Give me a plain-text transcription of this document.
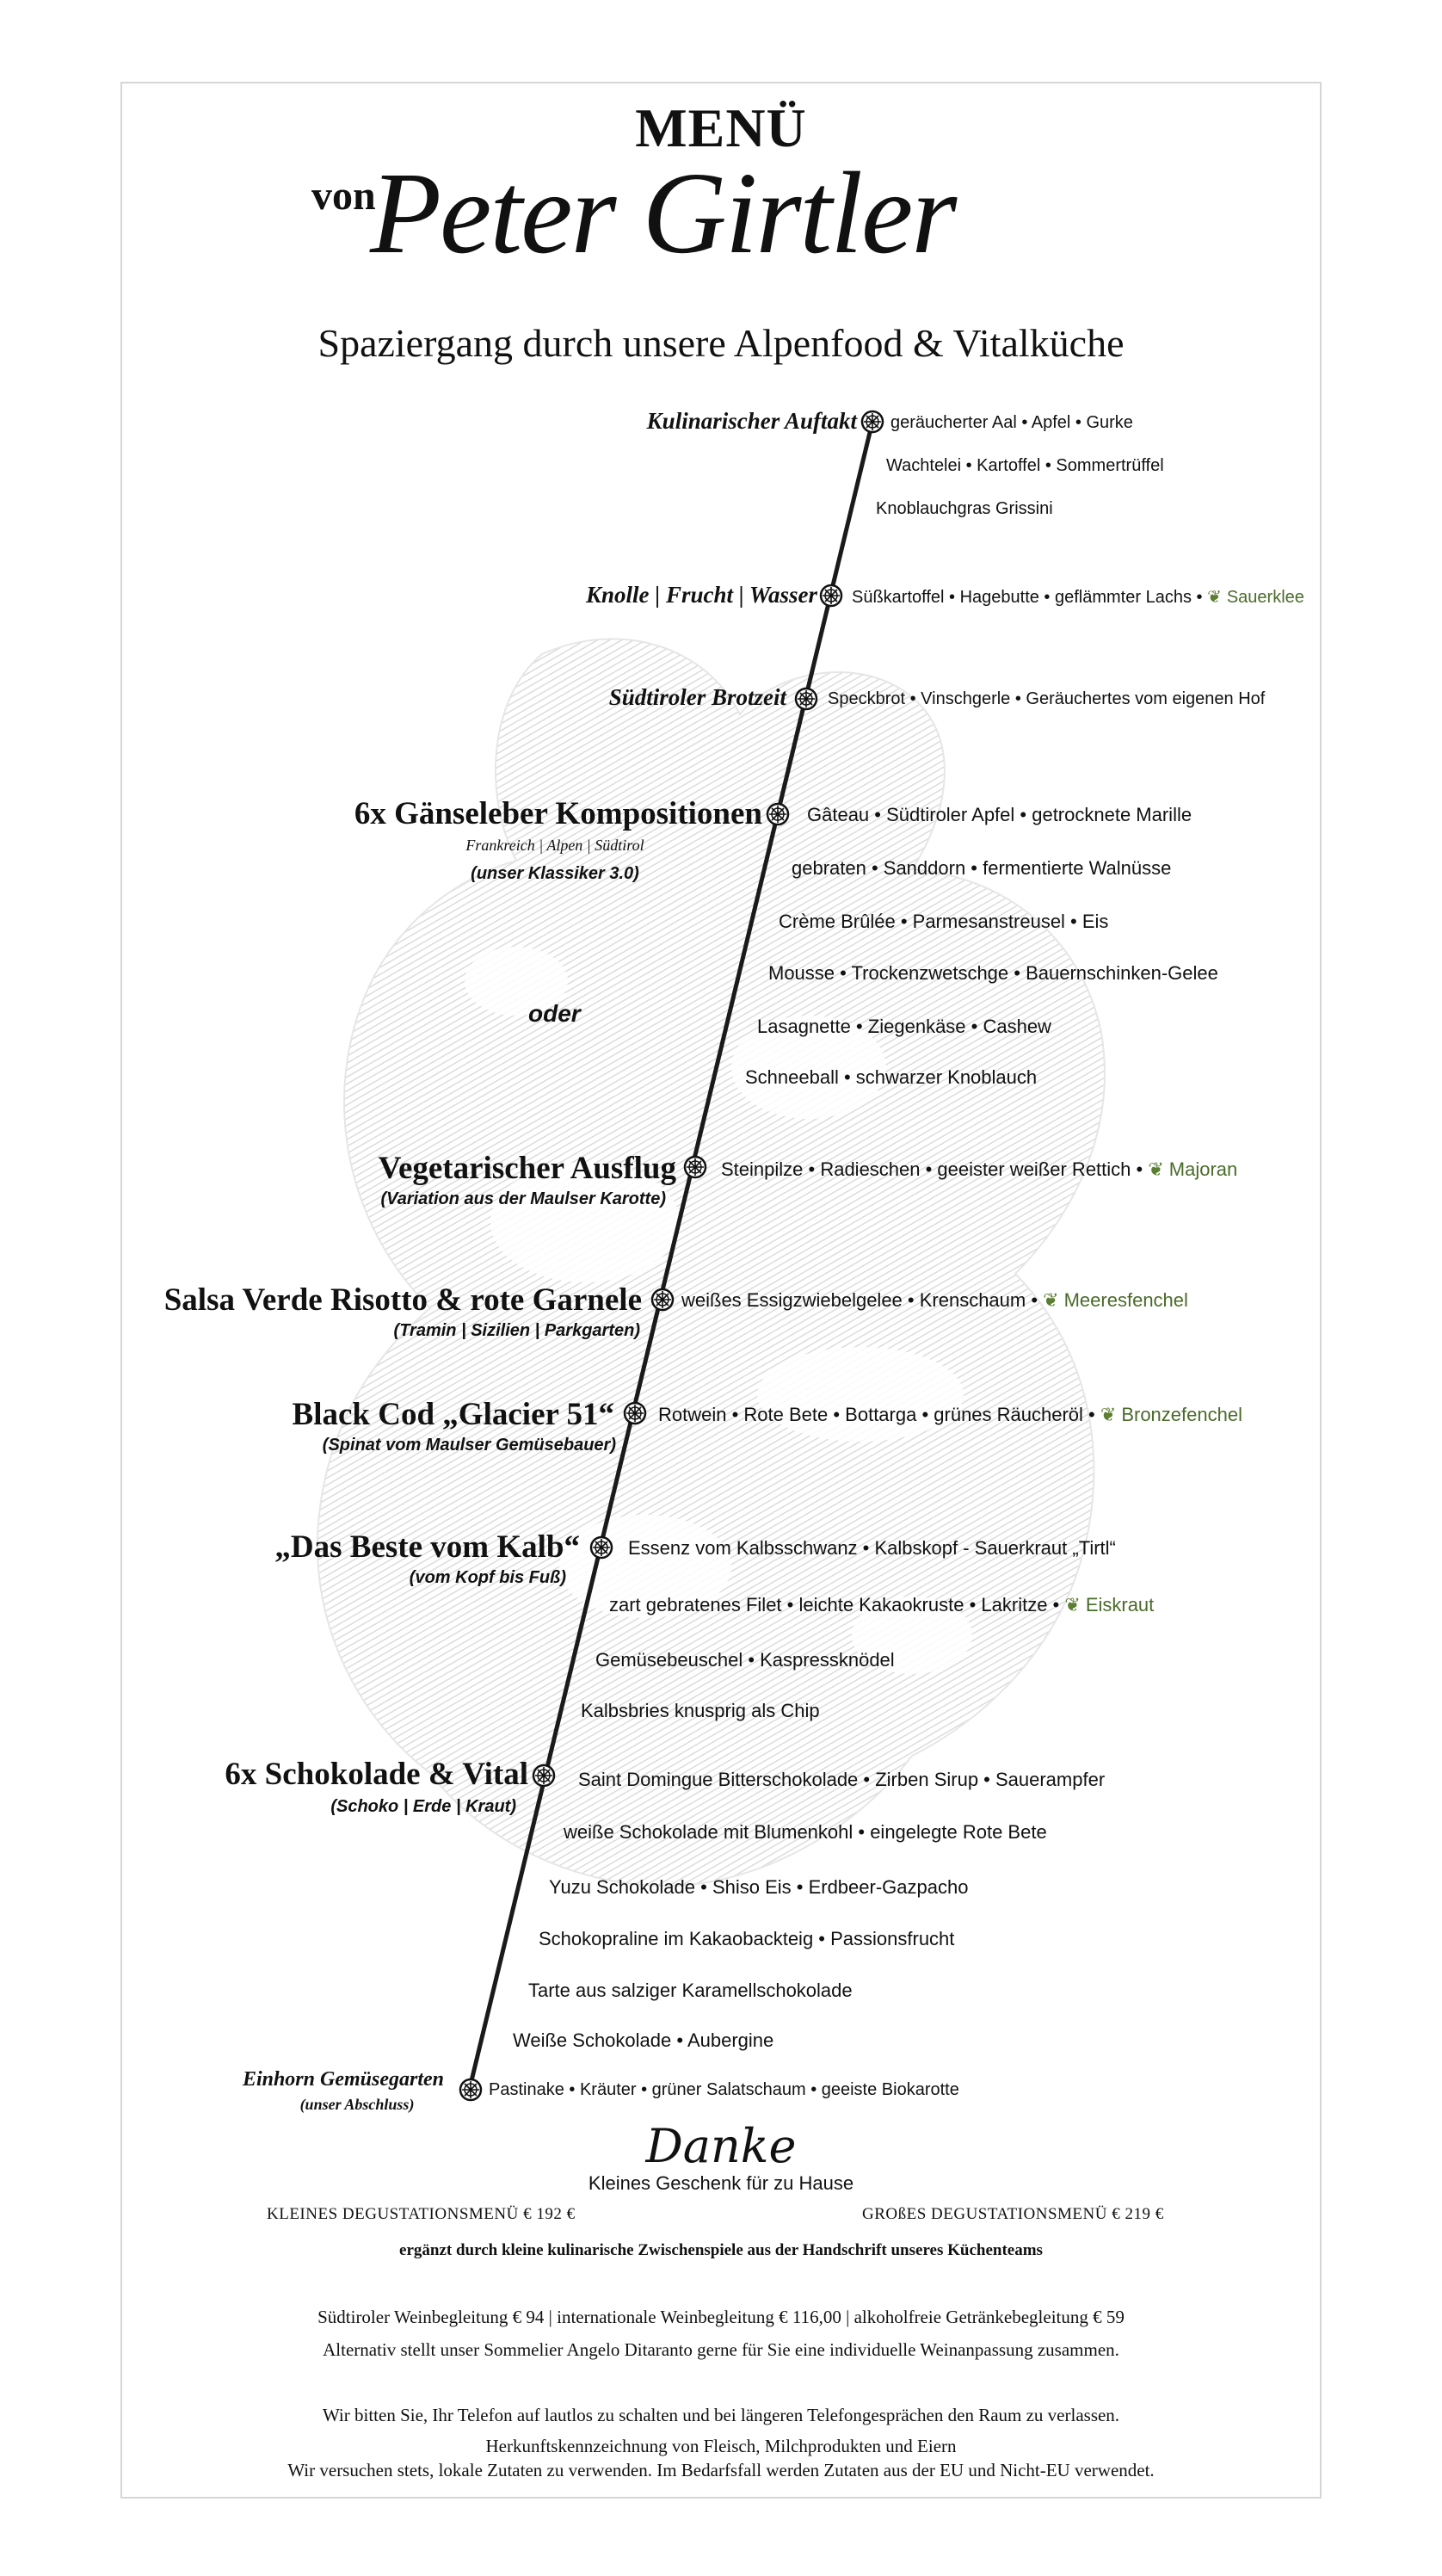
MENÜ
von
Peter Girtler
Spaziergang durch unsere Alpenfood & Vitalküche
Kulinarischer Auftakt geräucherter Aal • Apfel • Gurke
Wachtelei • Kartoffel • Sommertrüffel
Knoblauchgras Grissini
Knolle | Frucht | Wasser Süßkartoffel • Hagebutte • geflämmter Lachs • ❦ Sauerklee
Südtiroler Brotzeit Speckbrot • Vinschgerle • Geräuchertes vom eigenen Hof
6x Gänseleber Kompositionen
Frankreich | Alpen | Südtirol
(unser Klassiker 3.0)
Gâteau • Südtiroler Apfel • getrocknete Marille
gebraten • Sanddorn • fermentierte Walnüsse
Crème Brûlée • Parmesanstreusel • Eis
Mousse • Trockenzwetschge • Bauernschinken-Gelee
Lasagnette • Ziegenkäse • Cashew
Schneeball • schwarzer Knoblauch
oder
Vegetarischer Ausflug
(Variation aus der Maulser Karotte)
Steinpilze • Radieschen • geeister weißer Rettich • ❦ Majoran
Salsa Verde Risotto & rote Garnele
(Tramin | Sizilien | Parkgarten)
weißes Essigzwiebelgelee • Krenschaum • ❦ Meeresfenchel
Black Cod „Glacier 51“
(Spinat vom Maulser Gemüsebauer)
Rotwein • Rote Bete • Bottarga • grünes Räucheröl • ❦ Bronzefenchel
„Das Beste vom Kalb“
(vom Kopf bis Fuß)
Essenz vom Kalbsschwanz • Kalbskopf - Sauerkraut „Tirtl“
zart gebratenes Filet • leichte Kakaokruste • Lakritze • ❦ Eiskraut
Gemüsebeuschel • Kaspressknödel
Kalbsbries knusprig als Chip
6x Schokolade & Vital
(Schoko | Erde | Kraut)
Saint Domingue Bitterschokolade • Zirben Sirup • Sauerampfer
weiße Schokolade mit Blumenkohl • eingelegte Rote Bete
Yuzu Schokolade • Shiso Eis • Erdbeer-Gazpacho
Schokopraline im Kakaobackteig • Passionsfrucht
Tarte aus salziger Karamellschokolade
Weiße Schokolade • Aubergine
Einhorn Gemüsegarten
(unser Abschluss)
Pastinake • Kräuter • grüner Salatschaum • geeiste Biokarotte
Danke
Kleines Geschenk für zu Hause
KLEINES DEGUSTATIONSMENÜ € 192 €	GROßES DEGUSTATIONSMENÜ € 219 €
ergänzt durch kleine kulinarische Zwischenspiele aus der Handschrift unseres Küchenteams
Südtiroler Weinbegleitung € 94 | internationale Weinbegleitung € 116,00 | alkoholfreie Getränkebegleitung € 59
Alternativ stellt unser Sommelier Angelo Ditaranto gerne für Sie eine individuelle Weinanpassung zusammen.
Wir bitten Sie, Ihr Telefon auf lautlos zu schalten und bei längeren Telefongesprächen den Raum zu verlassen.
Herkunftskennzeichnung von Fleisch, Milchprodukten und Eiern
Wir versuchen stets, lokale Zutaten zu verwenden. Im Bedarfsfall werden Zutaten aus der EU und Nicht-EU verwendet.
